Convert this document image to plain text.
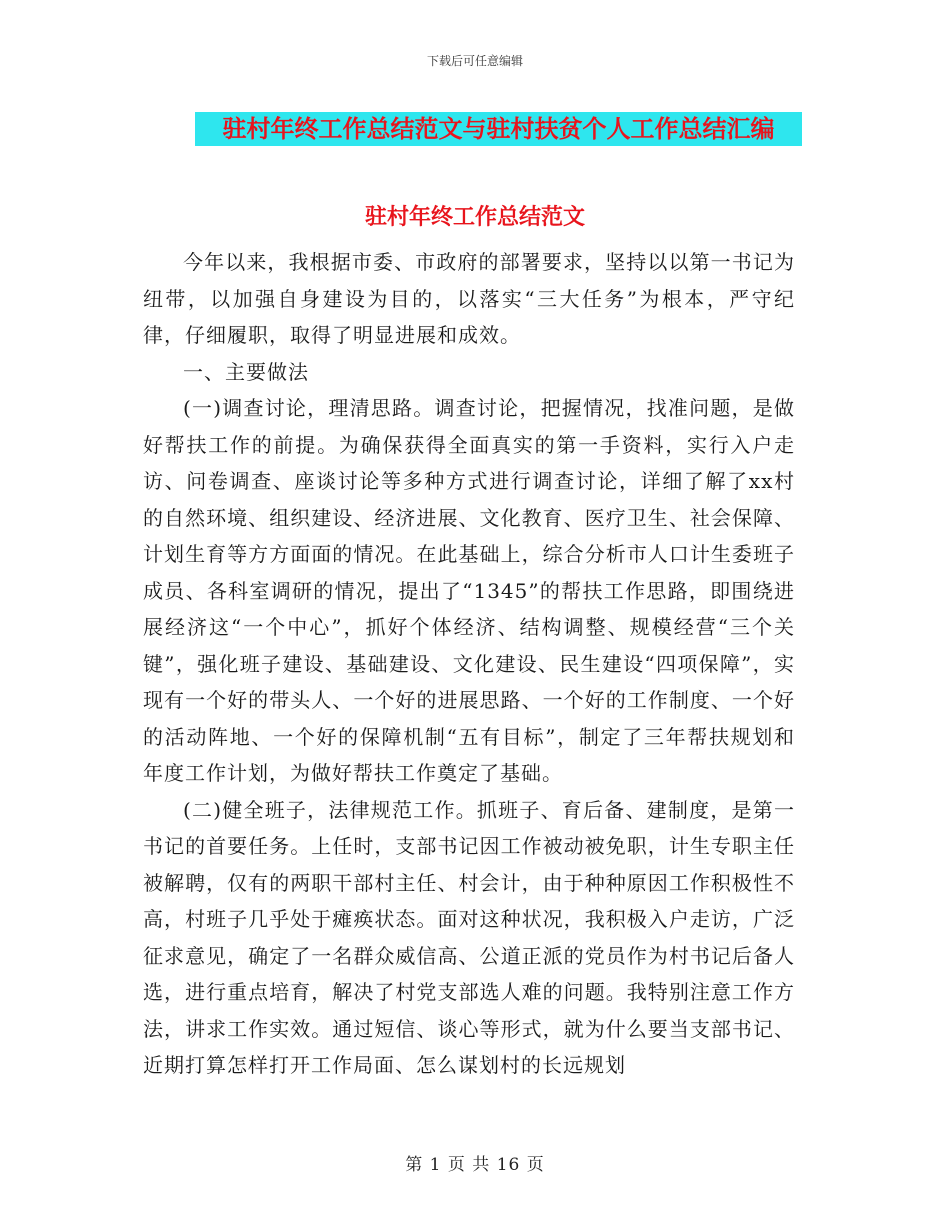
下载后可任意编辑
驻村年终工作总结范文与驻村扶贫个人工作总结汇编
驻村年终工作总结范文

今年以来，我根据市委、市政府的部署要求，坚持以以第一书记为纽带，以加强自身建设为目的，以落实“三大任务”为根本，严守纪律，仔细履职，取得了明显进展和成效。

一、主要做法

(一)调查讨论，理清思路。调查讨论，把握情况，找准问题，是做好帮扶工作的前提。为确保获得全面真实的第一手资料，实行入户走访、问卷调查、座谈讨论等多种方式进行调查讨论，详细了解了xx村的自然环境、组织建设、经济进展、文化教育、医疗卫生、社会保障、计划生育等方方面面的情况。在此基础上，综合分析市人口计生委班子成员、各科室调研的情况，提出了“1345”的帮扶工作思路，即围绕进展经济这“一个中心”，抓好个体经济、结构调整、规模经营“三个关键”，强化班子建设、基础建设、文化建设、民生建设“四项保障”，实现有一个好的带头人、一个好的进展思路、一个好的工作制度、一个好的活动阵地、一个好的保障机制“五有目标”，制定了三年帮扶规划和年度工作计划，为做好帮扶工作奠定了基础。

(二)健全班子，法律规范工作。抓班子、育后备、建制度，是第一书记的首要任务。上任时，支部书记因工作被动被免职，计生专职主任被解聘，仅有的两职干部村主任、村会计，由于种种原因工作积极性不高，村班子几乎处于瘫痪状态。面对这种状况，我积极入户走访，广泛征求意见，确定了一名群众威信高、公道正派的党员作为村书记后备人选，进行重点培育，解决了村党支部选人难的问题。我特别注意工作方法，讲求工作实效。通过短信、谈心等形式，就为什么要当支部书记、近期打算怎样打开工作局面、怎么谋划村的长远规划

第 1 页 共 16 页
